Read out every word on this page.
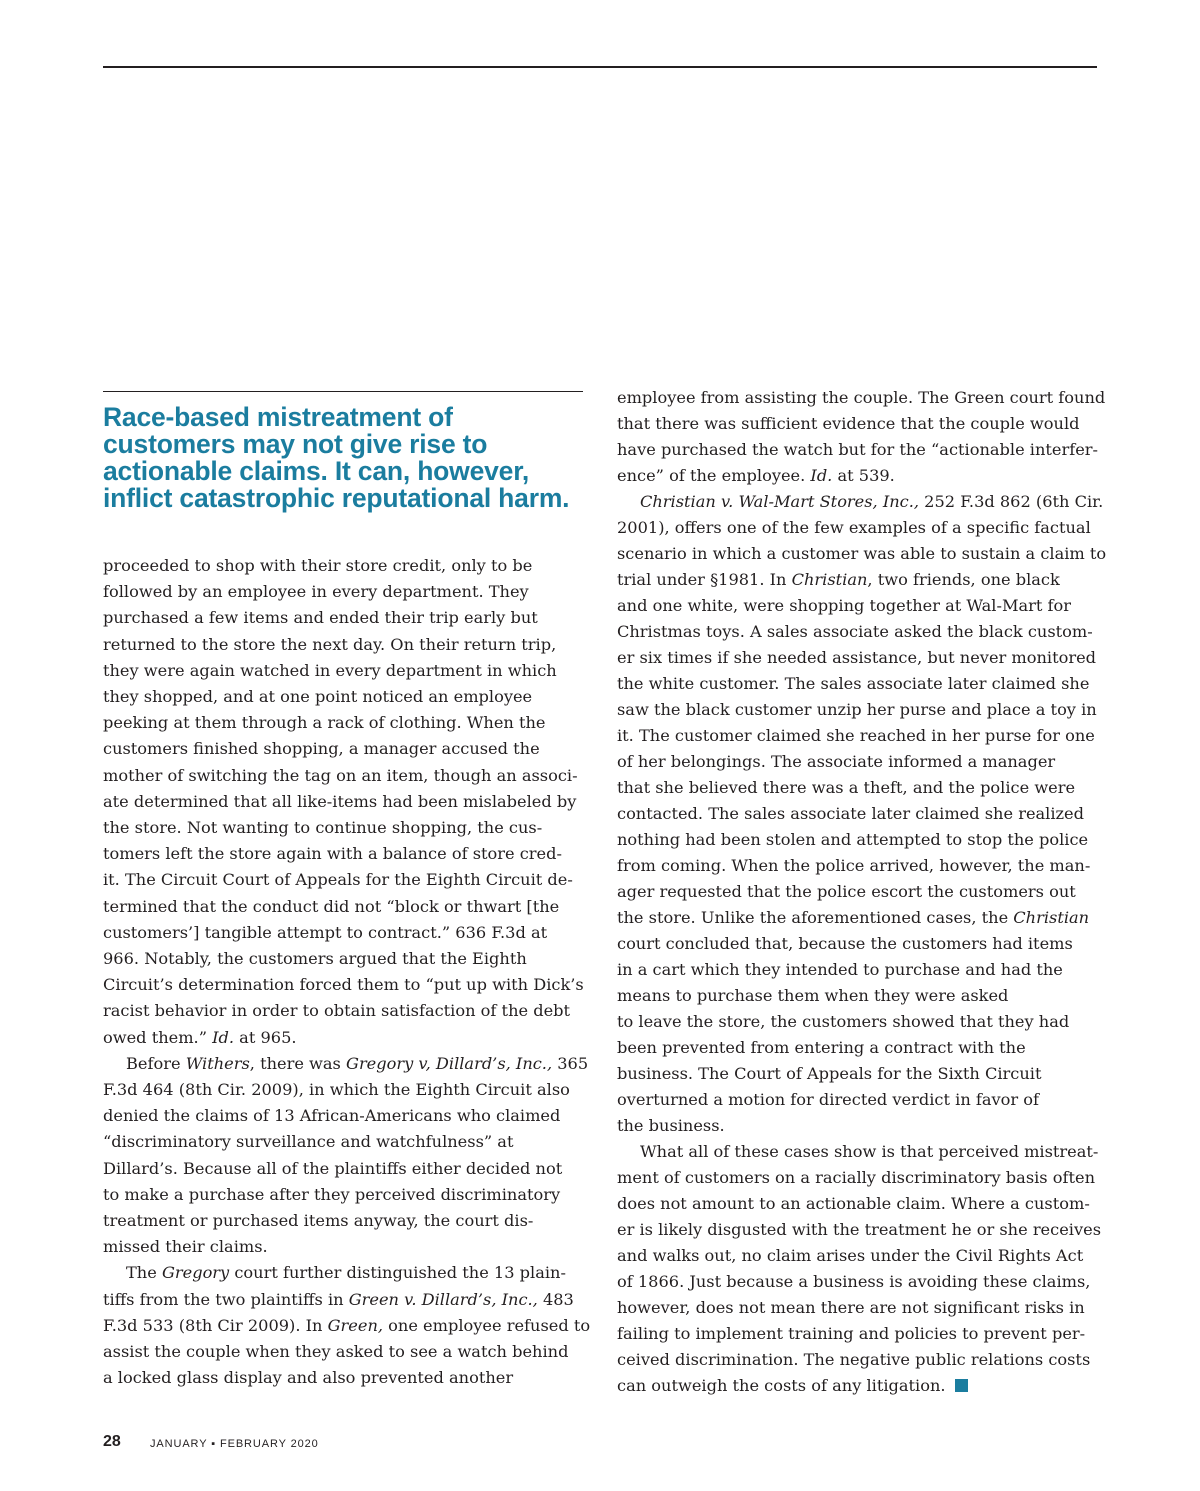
Race-based mistreatment of customers may not give rise to actionable claims. It can, however, inflict catastrophic reputational harm.

proceeded to shop with their store credit, only to be
followed by an employee in every department. They
purchased a few items and ended their trip early but
returned to the store the next day. On their return trip,
they were again watched in every department in which
they shopped, and at one point noticed an employee
peeking at them through a rack of clothing. When the
customers finished shopping, a manager accused the
mother of switching the tag on an item, though an associ-
ate determined that all like-items had been mislabeled by
the store. Not wanting to continue shopping, the cus-
tomers left the store again with a balance of store cred-
it. The Circuit Court of Appeals for the Eighth Circuit de-
termined that the conduct did not “block or thwart [the
customers’] tangible attempt to contract.” 636 F.3d at
966. Notably, the customers argued that the Eighth
Circuit’s determination forced them to “put up with Dick’s
racist behavior in order to obtain satisfaction of the debt
owed them.” Id. at 965.
Before Withers, there was Gregory v, Dillard’s, Inc., 365
F.3d 464 (8th Cir. 2009), in which the Eighth Circuit also
denied the claims of 13 African-Americans who claimed
“discriminatory surveillance and watchfulness” at
Dillard’s. Because all of the plaintiffs either decided not
to make a purchase after they perceived discriminatory
treatment or purchased items anyway, the court dis-
missed their claims.
The Gregory court further distinguished the 13 plain-
tiffs from the two plaintiffs in Green v. Dillard’s, Inc., 483
F.3d 533 (8th Cir 2009). In Green, one employee refused to
assist the couple when they asked to see a watch behind
a locked glass display and also prevented another
employee from assisting the couple. The Green court found
that there was sufficient evidence that the couple would
have purchased the watch but for the “actionable interfer-
ence” of the employee. Id. at 539.
Christian v. Wal-Mart Stores, Inc., 252 F.3d 862 (6th Cir.
2001), offers one of the few examples of a specific factual
scenario in which a customer was able to sustain a claim to
trial under §1981. In Christian, two friends, one black
and one white, were shopping together at Wal-Mart for
Christmas toys. A sales associate asked the black custom-
er six times if she needed assistance, but never monitored
the white customer. The sales associate later claimed she
saw the black customer unzip her purse and place a toy in
it. The customer claimed she reached in her purse for one
of her belongings. The associate informed a manager
that she believed there was a theft, and the police were
contacted. The sales associate later claimed she realized
nothing had been stolen and attempted to stop the police
from coming. When the police arrived, however, the man-
ager requested that the police escort the customers out
the store. Unlike the aforementioned cases, the Christian
court concluded that, because the customers had items
in a cart which they intended to purchase and had the
means to purchase them when they were asked
to leave the store, the customers showed that they had
been prevented from entering a contract with the
business. The Court of Appeals for the Sixth Circuit
overturned a motion for directed verdict in favor of
the business.
What all of these cases show is that perceived mistreat-
ment of customers on a racially discriminatory basis often
does not amount to an actionable claim. Where a custom-
er is likely disgusted with the treatment he or she receives
and walks out, no claim arises under the Civil Rights Act
of 1866. Just because a business is avoiding these claims,
however, does not mean there are not significant risks in
failing to implement training and policies to prevent per-
ceived discrimination. The negative public relations costs
can outweigh the costs of any litigation.
28	JANUARY ▪ FEBRUARY 2020
